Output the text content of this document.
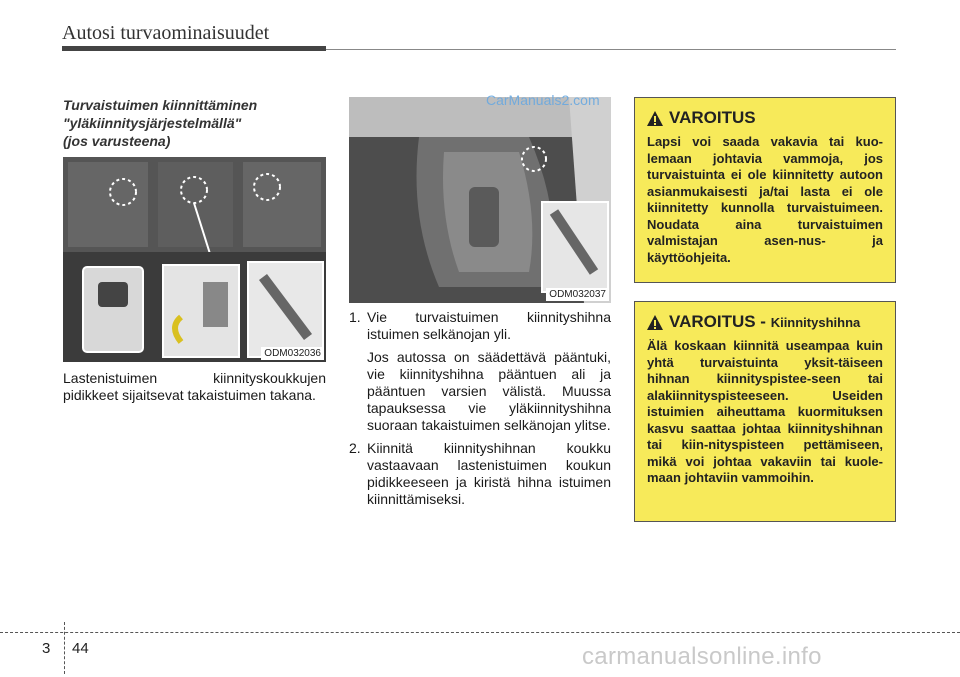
Autosi turvaominaisuudet
Turvaistuimen kiinnittäminen
"yläkiinnitysjärjestelmällä"
(jos varusteena)
ODM032036
ODM032037
CarManuals2.com
Lastenistuimen kiinnityskoukkujen pidikkeet sijaitsevat takaistuimen takana.
1. Vie turvaistuimen kiinnityshihna istuimen selkänojan yli.
Jos autossa on säädettävä pääntuki, vie kiinnityshihna pääntuen ali ja pääntuen varsien välistä. Muussa tapauksessa vie yläkiinnityshihna suoraan takaistuimen selkänojan ylitse.
2. Kiinnitä kiinnityshihnan koukku vastaavaan lastenistuimen koukun pidikkeeseen ja kiristä hihna istuimen kiinnittämiseksi.
VAROITUS
Lapsi voi saada vakavia tai kuo-lemaan johtavia vammoja, jos turvaistuinta ei ole kiinnitetty autoon asianmukaisesti ja/tai lasta ei ole kiinnitetty kunnolla turvaistuimeen. Noudata aina turvaistuimen valmistajan asen-nus- ja käyttöohjeita.
VAROITUS - Kiinnityshihna
Älä koskaan kiinnitä useampaa kuin yhtä turvaistuinta yksit-täiseen hihnan kiinnityspistee-seen tai alakiinnityspisteeseen. Useiden istuimien aiheuttama kuormituksen kasvu saattaa johtaa kiinnityshihnan tai kiin-nityspisteen pettämiseen, mikä voi johtaa vakaviin tai kuole-maan johtaviin vammoihin.
3 44	carmanualsonline.info
